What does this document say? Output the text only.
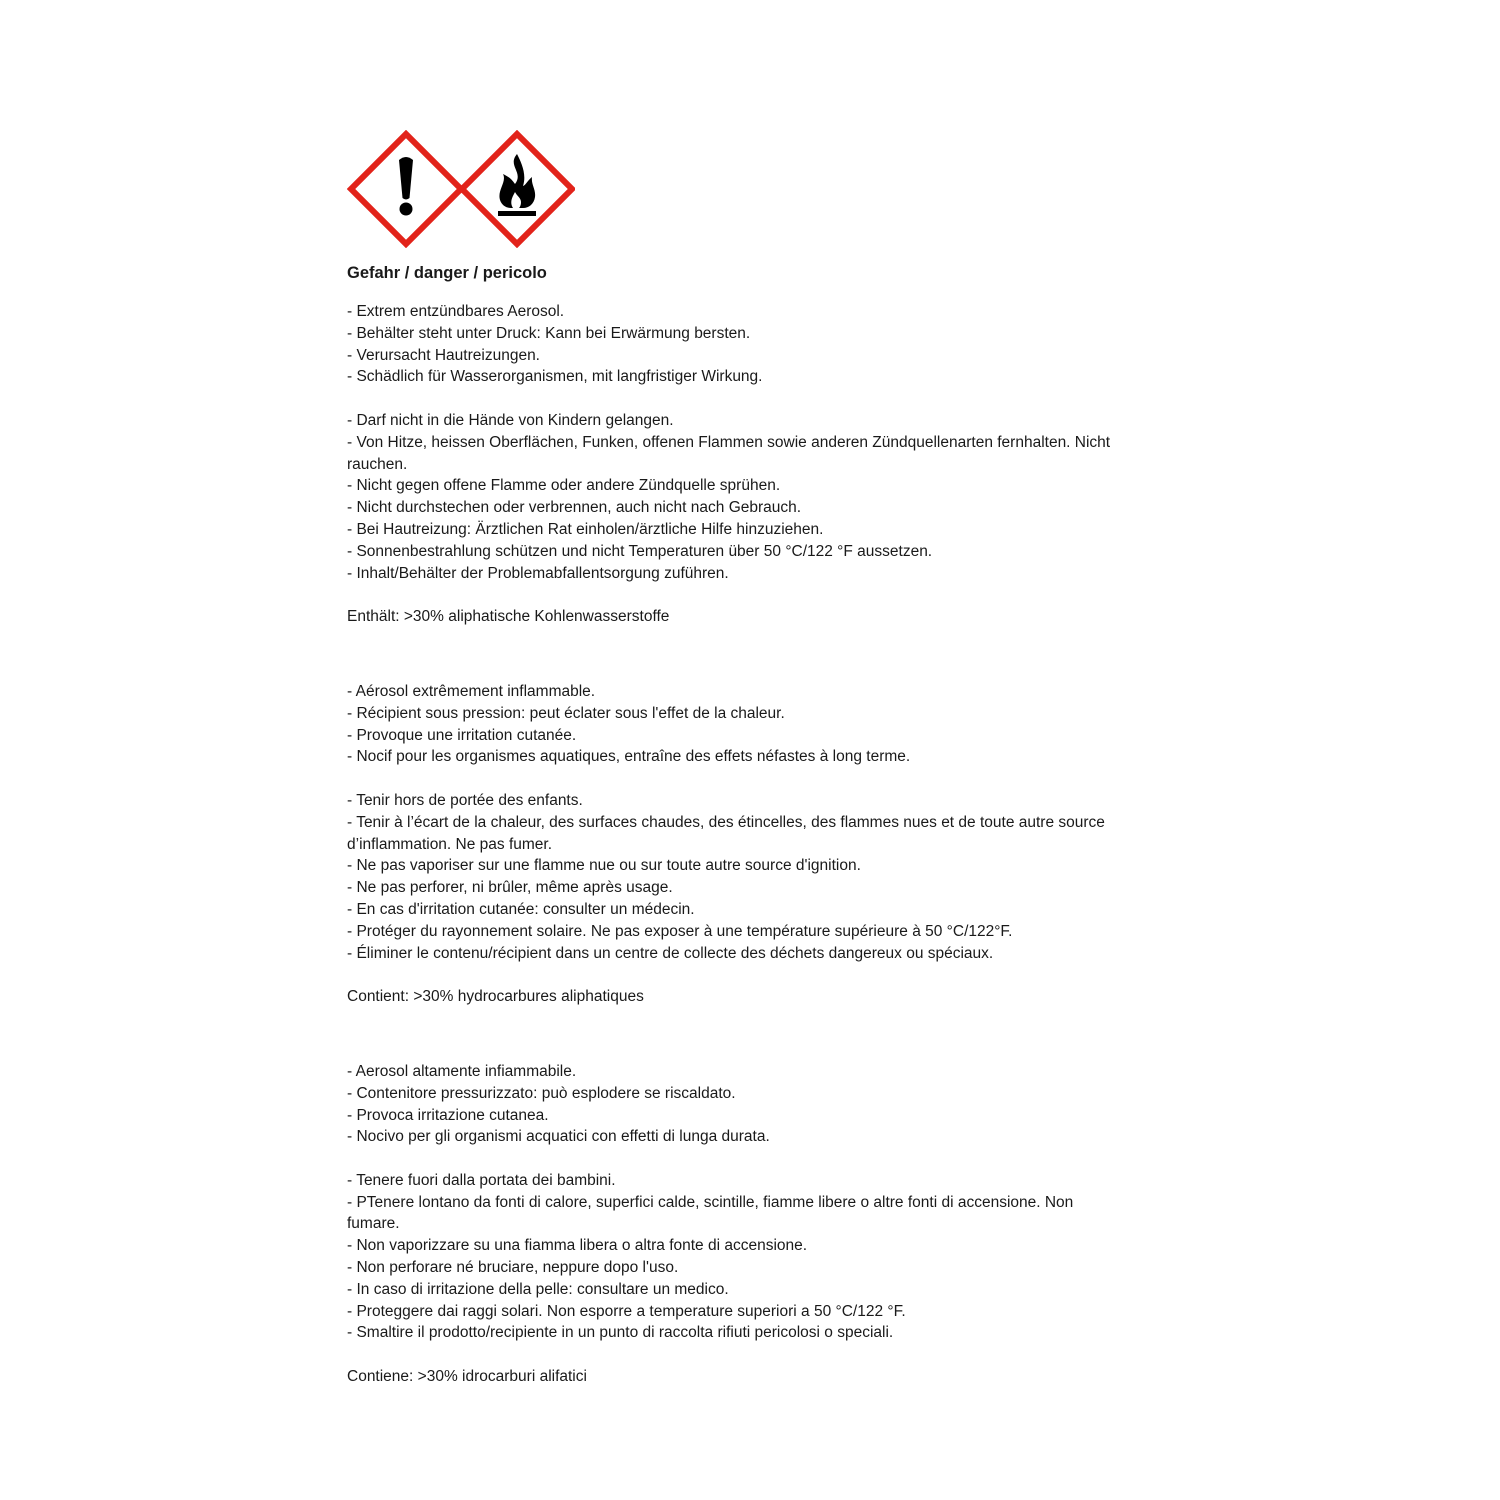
Gefahr / danger / pericolo

- Extrem entzündbares Aerosol.

- Behälter steht unter Druck: Kann bei Erwärmung bersten.

- Verursacht Hautreizungen.

- Schädlich für Wasserorganismen, mit langfristiger Wirkung.

- Darf nicht in die Hände von Kindern gelangen.

- Von Hitze, heissen Oberflächen, Funken, offenen Flammen sowie anderen Zündquellenarten fernhalten. Nicht

rauchen.

- Nicht gegen offene Flamme oder andere Zündquelle sprühen.

- Nicht durchstechen oder verbrennen, auch nicht nach Gebrauch.

- Bei Hautreizung: Ärztlichen Rat einholen/ärztliche Hilfe hinzuziehen.

- Sonnenbestrahlung schützen und nicht Temperaturen über 50 °C/122 °F aussetzen.

- Inhalt/Behälter der Problemabfallentsorgung zuführen.

Enthält: >30% aliphatische Kohlenwasserstoffe

- Aérosol extrêmement inflammable.

- Récipient sous pression: peut éclater sous l'effet de la chaleur.

- Provoque une irritation cutanée.

- Nocif pour les organismes aquatiques, entraîne des effets néfastes à long terme.

- Tenir hors de portée des enfants.

- Tenir à l’écart de la chaleur, des surfaces chaudes, des étincelles, des flammes nues et de toute autre source

d’inflammation. Ne pas fumer.

- Ne pas vaporiser sur une flamme nue ou sur toute autre source d'ignition.

- Ne pas perforer, ni brûler, même après usage.

- En cas d'irritation cutanée: consulter un médecin.

- Protéger du rayonnement solaire. Ne pas exposer à une température supérieure à 50 °C/122°F.

- Éliminer le contenu/récipient dans un centre de collecte des déchets dangereux ou spéciaux.

Contient: >30% hydrocarbures aliphatiques

- Aerosol altamente infiammabile.

- Contenitore pressurizzato: può esplodere se riscaldato.

- Provoca irritazione cutanea.

- Nocivo per gli organismi acquatici con effetti di lunga durata.

- Tenere fuori dalla portata dei bambini.

- PTenere lontano da fonti di calore, superfici calde, scintille, fiamme libere o altre fonti di accensione. Non

fumare.

- Non vaporizzare su una fiamma libera o altra fonte di accensione.

- Non perforare né bruciare, neppure dopo l'uso.

- In caso di irritazione della pelle: consultare un medico.

- Proteggere dai raggi solari. Non esporre a temperature superiori a 50 °C/122 °F.

- Smaltire il prodotto/recipiente in un punto di raccolta rifiuti pericolosi o speciali.

Contiene: >30% idrocarburi alifatici
